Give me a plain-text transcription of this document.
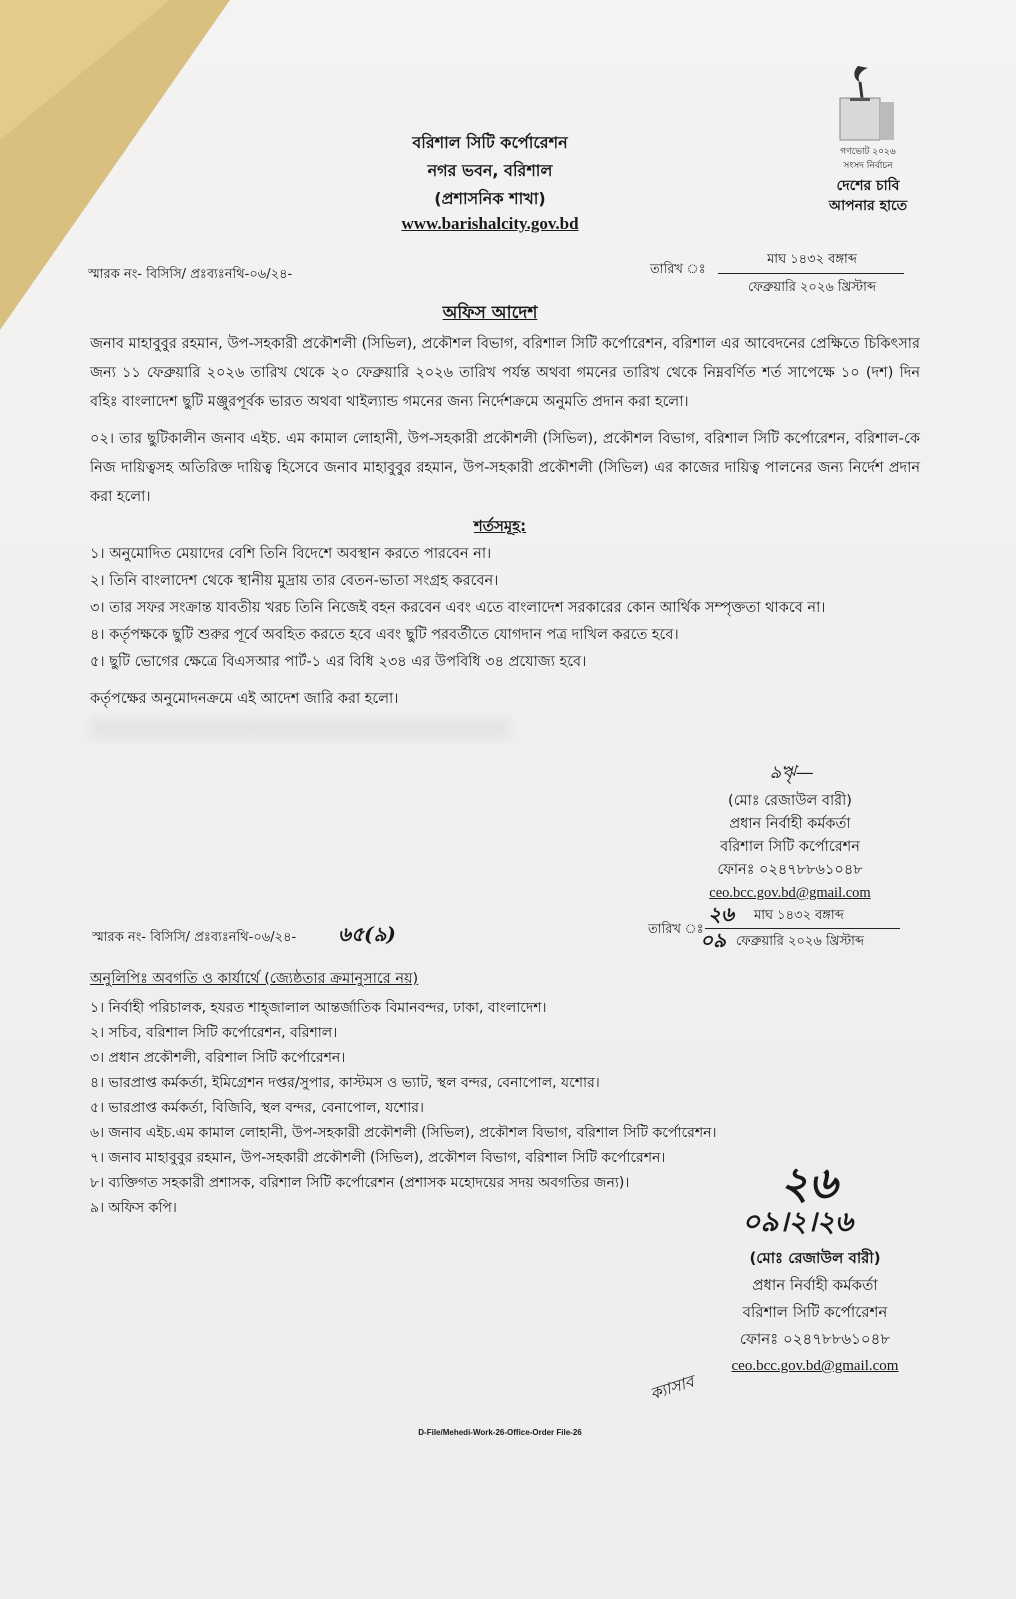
বরিশাল সিটি কর্পোরেশন
নগর ভবন, বরিশাল
(প্রশাসনিক শাখা)
www.barishalcity.gov.bd
গণভোট ২০২৬
সংসদ নির্বাচন
দেশের চাবি
আপনার হাতে
স্মারক নং- বিসিসি/ প্রঃব্যঃনথি-০৬/২৪-	তারিখ ঃ
মাঘ ১৪৩২ বঙ্গাব্দ
ফেব্রুয়ারি ২০২৬ খ্রিস্টাব্দ
অফিস আদেশ
জনাব মাহাবুবুর রহমান, উপ-সহকারী প্রকৌশলী (সিভিল), প্রকৌশল বিভাগ, বরিশাল সিটি কর্পোরেশন, বরিশাল এর আবেদনের প্রেক্ষিতে চিকিৎসার জন্য ১১ ফেব্রুয়ারি ২০২৬ তারিখ থেকে ২০ ফেব্রুয়ারি ২০২৬ তারিখ পর্যন্ত অথবা গমনের তারিখ থেকে নিম্নবর্ণিত শর্ত সাপেক্ষে ১০ (দশ) দিন বহিঃ বাংলাদেশ ছুটি মঞ্জুরপূর্বক ভারত অথবা থাইল্যান্ড গমনের জন্য নির্দেশক্রমে অনুমতি প্রদান করা হলো।
০২। তার ছুটিকালীন জনাব এইচ. এম কামাল লোহানী, উপ-সহকারী প্রকৌশলী (সিভিল), প্রকৌশল বিভাগ, বরিশাল সিটি কর্পোরেশন, বরিশাল-কে নিজ দায়িত্বসহ অতিরিক্ত দায়িত্ব হিসেবে জনাব মাহাবুবুর রহমান, উপ-সহকারী প্রকৌশলী (সিভিল) এর কাজের দায়িত্ব পালনের জন্য নির্দেশ প্রদান করা হলো।
শর্তসমূহ:
১। অনুমোদিত মেয়াদের বেশি তিনি বিদেশে অবস্থান করতে পারবেন না।
২। তিনি বাংলাদেশ থেকে স্থানীয় মুদ্রায় তার বেতন-ভাতা সংগ্রহ করবেন।
৩। তার সফর সংক্রান্ত যাবতীয় খরচ তিনি নিজেই বহন করবেন এবং এতে বাংলাদেশ সরকারের কোন আর্থিক সম্পৃক্ততা থাকবে না।
৪। কর্তৃপক্ষকে ছুটি শুরুর পূর্বে অবহিত করতে হবে এবং ছুটি পরবর্তীতে যোগদান পত্র দাখিল করতে হবে।
৫। ছুটি ভোগের ক্ষেত্রে বিএসআর পার্ট-১ এর বিধি ২৩৪ এর উপবিধি ৩৪ প্রযোজ্য হবে।
কর্তৃপক্ষের অনুমোদনক্রমে এই আদেশ জারি করা হলো।
ঌৠ—
(মোঃ রেজাউল বারী)
প্রধান নির্বাহী কর্মকর্তা
বরিশাল সিটি কর্পোরেশন
ফোনঃ ০২৪৭৮৮৬১০৪৮
ceo.bcc.gov.bd@gmail.com
স্মারক নং- বিসিসি/ প্রঃব্যঃনথি-০৬/২৪- ৬৫(৯)	তারিখ ঃ
২৬ মাঘ ১৪৩২ বঙ্গাব্দ
০৯ ফেব্রুয়ারি ২০২৬ খ্রিস্টাব্দ
অনুলিপিঃ অবগতি ও কার্যার্থে (জ্যেষ্ঠতার ক্রমানুসারে নয়)
১। নির্বাহী পরিচালক, হযরত শাহ্জালাল আন্তর্জাতিক বিমানবন্দর, ঢাকা, বাংলাদেশ।
২। সচিব, বরিশাল সিটি কর্পোরেশন, বরিশাল।
৩। প্রধান প্রকৌশলী, বরিশাল সিটি কর্পোরেশন।
৪। ভারপ্রাপ্ত কর্মকর্তা, ইমিগ্রেশন দপ্তর/সুপার, কাস্টমস ও ভ্যাট, স্থল বন্দর, বেনাপোল, যশোর।
৫। ভারপ্রাপ্ত কর্মকর্তা, বিজিবি, স্থল বন্দর, বেনাপোল, যশোর।
৬। জনাব এইচ.এম কামাল লোহানী, উপ-সহকারী প্রকৌশলী (সিভিল), প্রকৌশল বিভাগ, বরিশাল সিটি কর্পোরেশন।
৭। জনাব মাহাবুবুর রহমান, উপ-সহকারী প্রকৌশলী (সিভিল), প্রকৌশল বিভাগ, বরিশাল সিটি কর্পোরেশন।
৮। ব্যক্তিগত সহকারী প্রশাসক, বরিশাল সিটি কর্পোরেশন (প্রশাসক মহোদয়ের সদয় অবগতির জন্য)।
৯। অফিস কপি।	২৬
০৯।২।২৬
(মোঃ রেজাউল বারী)
প্রধান নির্বাহী কর্মকর্তা
বরিশাল সিটি কর্পোরেশন
ফোনঃ ০২৪৭৮৮৬১০৪৮
ceo.bcc.gov.bd@gmail.com
ক্যাসাব
D-File/Mehedi-Work-26-Office-Order File-26
